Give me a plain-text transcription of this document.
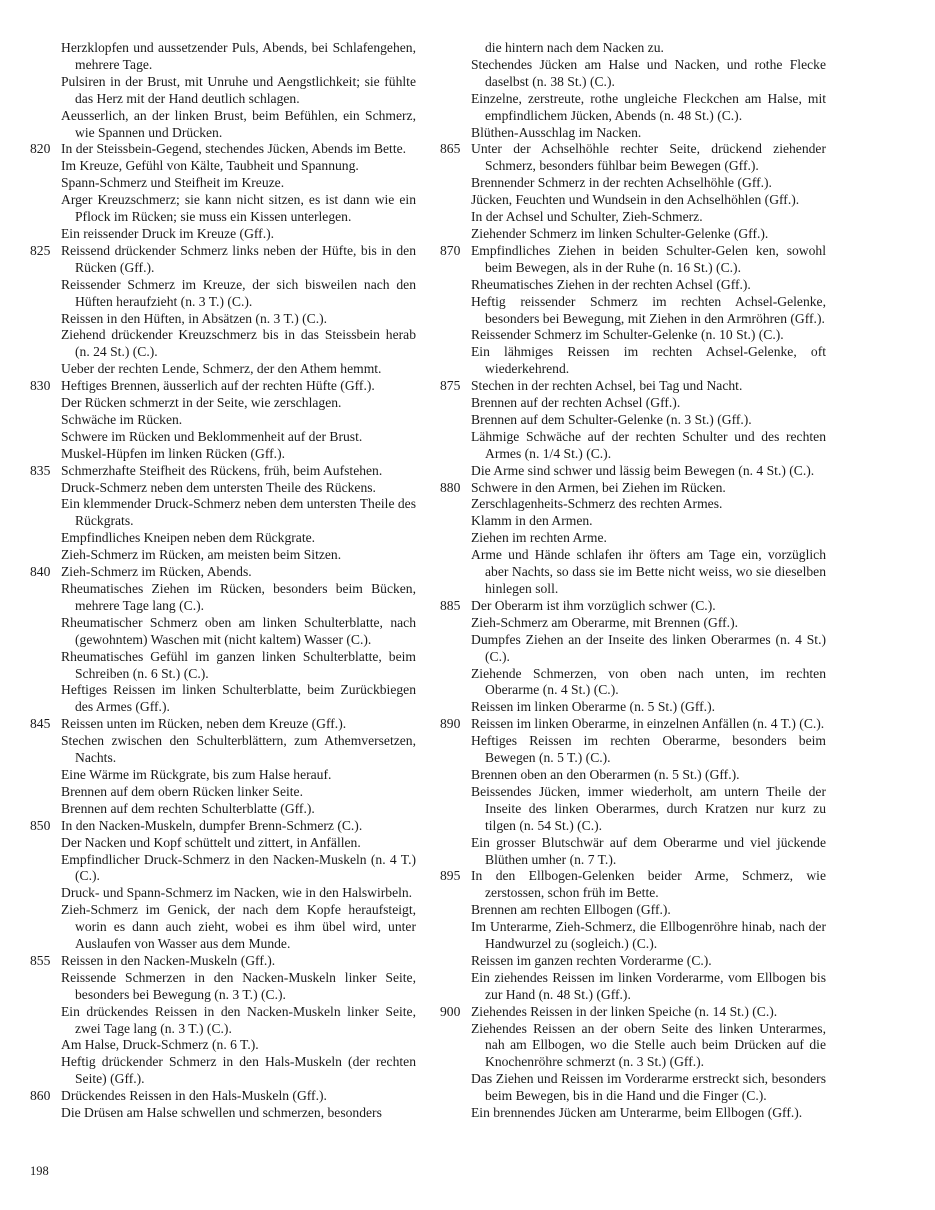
Herzklopfen und aussetzender Puls, Abends, bei Schlafengehen, mehrere Tage.
Pulsiren in der Brust, mit Unruhe und Aengstlichkeit; sie fühlte das Herz mit der Hand deutlich schlagen.
Aeusserlich, an der linken Brust, beim Befühlen, ein Schmerz, wie Spannen und Drücken.
820 In der Steissbein-Gegend, stechendes Jücken, Abends im Bette.
Im Kreuze, Gefühl von Kälte, Taubheit und Spannung.
Spann-Schmerz und Steifheit im Kreuze.
Arger Kreuzschmerz; sie kann nicht sitzen, es ist dann wie ein Pflock im Rücken; sie muss ein Kissen unterlegen.
Ein reissender Druck im Kreuze (Gff.).
825 Reissend drückender Schmerz links neben der Hüfte, bis in den Rücken (Gff.).
Reissender Schmerz im Kreuze, der sich bisweilen nach den Hüften heraufzieht (n. 3 T.) (C.).
Reissen in den Hüften, in Absätzen (n. 3 T.) (C.).
Ziehend drückender Kreuzschmerz bis in das Steissbein herab (n. 24 St.) (C.).
Ueber der rechten Lende, Schmerz, der den Athem hemmt.
830 Heftiges Brennen, äusserlich auf der rechten Hüfte (Gff.).
Der Rücken schmerzt in der Seite, wie zerschlagen.
Schwäche im Rücken.
Schwere im Rücken und Beklommenheit auf der Brust.
Muskel-Hüpfen im linken Rücken (Gff.).
835 Schmerzhafte Steifheit des Rückens, früh, beim Aufstehen.
Druck-Schmerz neben dem untersten Theile des Rückens.
Ein klemmender Druck-Schmerz neben dem untersten Theile des Rückgrats.
Empfindliches Kneipen neben dem Rückgrate.
Zieh-Schmerz im Rücken, am meisten beim Sitzen.
840 Zieh-Schmerz im Rücken, Abends.
Rheumatisches Ziehen im Rücken, besonders beim Bücken, mehrere Tage lang (C.).
Rheumatischer Schmerz oben am linken Schulterblatte, nach (gewohntem) Waschen mit (nicht kaltem) Wasser (C.).
Rheumatisches Gefühl im ganzen linken Schulterblatte, beim Schreiben (n. 6 St.) (C.).
Heftiges Reissen im linken Schulterblatte, beim Zurückbiegen des Armes (Gff.).
845 Reissen unten im Rücken, neben dem Kreuze (Gff.).
Stechen zwischen den Schulterblättern, zum Athemversetzen, Nachts.
Eine Wärme im Rückgrate, bis zum Halse herauf.
Brennen auf dem obern Rücken linker Seite.
Brennen auf dem rechten Schulterblatte (Gff.).
850 In den Nacken-Muskeln, dumpfer Brenn-Schmerz (C.).
Der Nacken und Kopf schüttelt und zittert, in Anfällen.
Empfindlicher Druck-Schmerz in den Nacken-Muskeln (n. 4 T.)(C.).
Druck- und Spann-Schmerz im Nacken, wie in den Halswirbeln.
Zieh-Schmerz im Genick, der nach dem Kopfe heraufsteigt, worin es dann auch zieht, wobei es ihm übel wird, unter Auslaufen von Wasser aus dem Munde.
855 Reissen in den Nacken-Muskeln (Gff.).
Reissende Schmerzen in den Nacken-Muskeln linker Seite, besonders bei Bewegung (n. 3 T.) (C.).
Ein drückendes Reissen in den Nacken-Muskeln linker Seite, zwei Tage lang (n. 3 T.) (C.).
Am Halse, Druck-Schmerz (n. 6 T.).
Heftig drückender Schmerz in den Hals-Muskeln (der rechten Seite) (Gff.).
860 Drückendes Reissen in den Hals-Muskeln (Gff.).
Die Drüsen am Halse schwellen und schmerzen, besonders
die hintern nach dem Nacken zu.
Stechendes Jücken am Halse und Nacken, und rothe Flecke daselbst (n. 38 St.) (C.).
Einzelne, zerstreute, rothe ungleiche Fleckchen am Halse, mit empfindlichem Jücken, Abends (n. 48 St.) (C.).
Blüthen-Ausschlag im Nacken.
865 Unter der Achselhöhle rechter Seite, drückend ziehender Schmerz, besonders fühlbar beim Bewegen (Gff.).
Brennender Schmerz in der rechten Achselhöhle (Gff.).
Jücken, Feuchten und Wundsein in den Achselhöhlen (Gff.).
In der Achsel und Schulter, Zieh-Schmerz.
Ziehender Schmerz im linken Schulter-Gelenke (Gff.).
870 Empfindliches Ziehen in beiden Schulter-Gelen ken, sowohl beim Bewegen, als in der Ruhe (n. 16 St.) (C.).
Rheumatisches Ziehen in der rechten Achsel (Gff.).
Heftig reissender Schmerz im rechten Achsel-Gelenke, besonders bei Bewegung, mit Ziehen in den Armröhren (Gff.).
Reissender Schmerz im Schulter-Gelenke (n. 10 St.) (C.).
Ein lähmiges Reissen im rechten Achsel-Gelenke, oft wiederkehrend.
875 Stechen in der rechten Achsel, bei Tag und Nacht.
Brennen auf der rechten Achsel (Gff.).
Brennen auf dem Schulter-Gelenke (n. 3 St.) (Gff.).
Lähmige Schwäche auf der rechten Schulter und des rechten Armes (n. 1/4 St.) (C.).
Die Arme sind schwer und lässig beim Bewegen (n. 4 St.) (C.).
880 Schwere in den Armen, bei Ziehen im Rücken.
Zerschlagenheits-Schmerz des rechten Armes.
Klamm in den Armen.
Ziehen im rechten Arme.
Arme und Hände schlafen ihr öfters am Tage ein, vorzüglich aber Nachts, so dass sie im Bette nicht weiss, wo sie dieselben hinlegen soll.
885 Der Oberarm ist ihm vorzüglich schwer (C.).
Zieh-Schmerz am Oberarme, mit Brennen (Gff.).
Dumpfes Ziehen an der Inseite des linken Oberarmes (n. 4 St.) (C.).
Ziehende Schmerzen, von oben nach unten, im rechten Oberarme (n. 4 St.) (C.).
Reissen im linken Oberarme (n. 5 St.) (Gff.).
890 Reissen im linken Oberarme, in einzelnen Anfällen (n. 4 T.) (C.).
Heftiges Reissen im rechten Oberarme, besonders beim Bewegen (n. 5 T.) (C.).
Brennen oben an den Oberarmen (n. 5 St.) (Gff.).
Beissendes Jücken, immer wiederholt, am untern Theile der Inseite des linken Oberarmes, durch Kratzen nur kurz zu tilgen (n. 54 St.) (C.).
Ein grosser Blutschwär auf dem Oberarme und viel jückende Blüthen umher (n. 7 T.).
895 In den Ellbogen-Gelenken beider Arme, Schmerz, wie zerstossen, schon früh im Bette.
Brennen am rechten Ellbogen (Gff.).
Im Unterarme, Zieh-Schmerz, die Ellbogenröhre hinab, nach der Handwurzel zu (sogleich.) (C.).
Reissen im ganzen rechten Vorderarme (C.).
Ein ziehendes Reissen im linken Vorderarme, vom Ellbogen bis zur Hand (n. 48 St.) (Gff.).
900 Ziehendes Reissen in der linken Speiche (n. 14 St.) (C.).
Ziehendes Reissen an der obern Seite des linken Unterarmes, nah am Ellbogen, wo die Stelle auch beim Drücken auf die Knochenröhre schmerzt (n. 3 St.) (Gff.).
Das Ziehen und Reissen im Vorderarme erstreckt sich, besonders beim Bewegen, bis in die Hand und die Finger (C.).
Ein brennendes Jücken am Unterarme, beim Ellbogen (Gff.).
198
